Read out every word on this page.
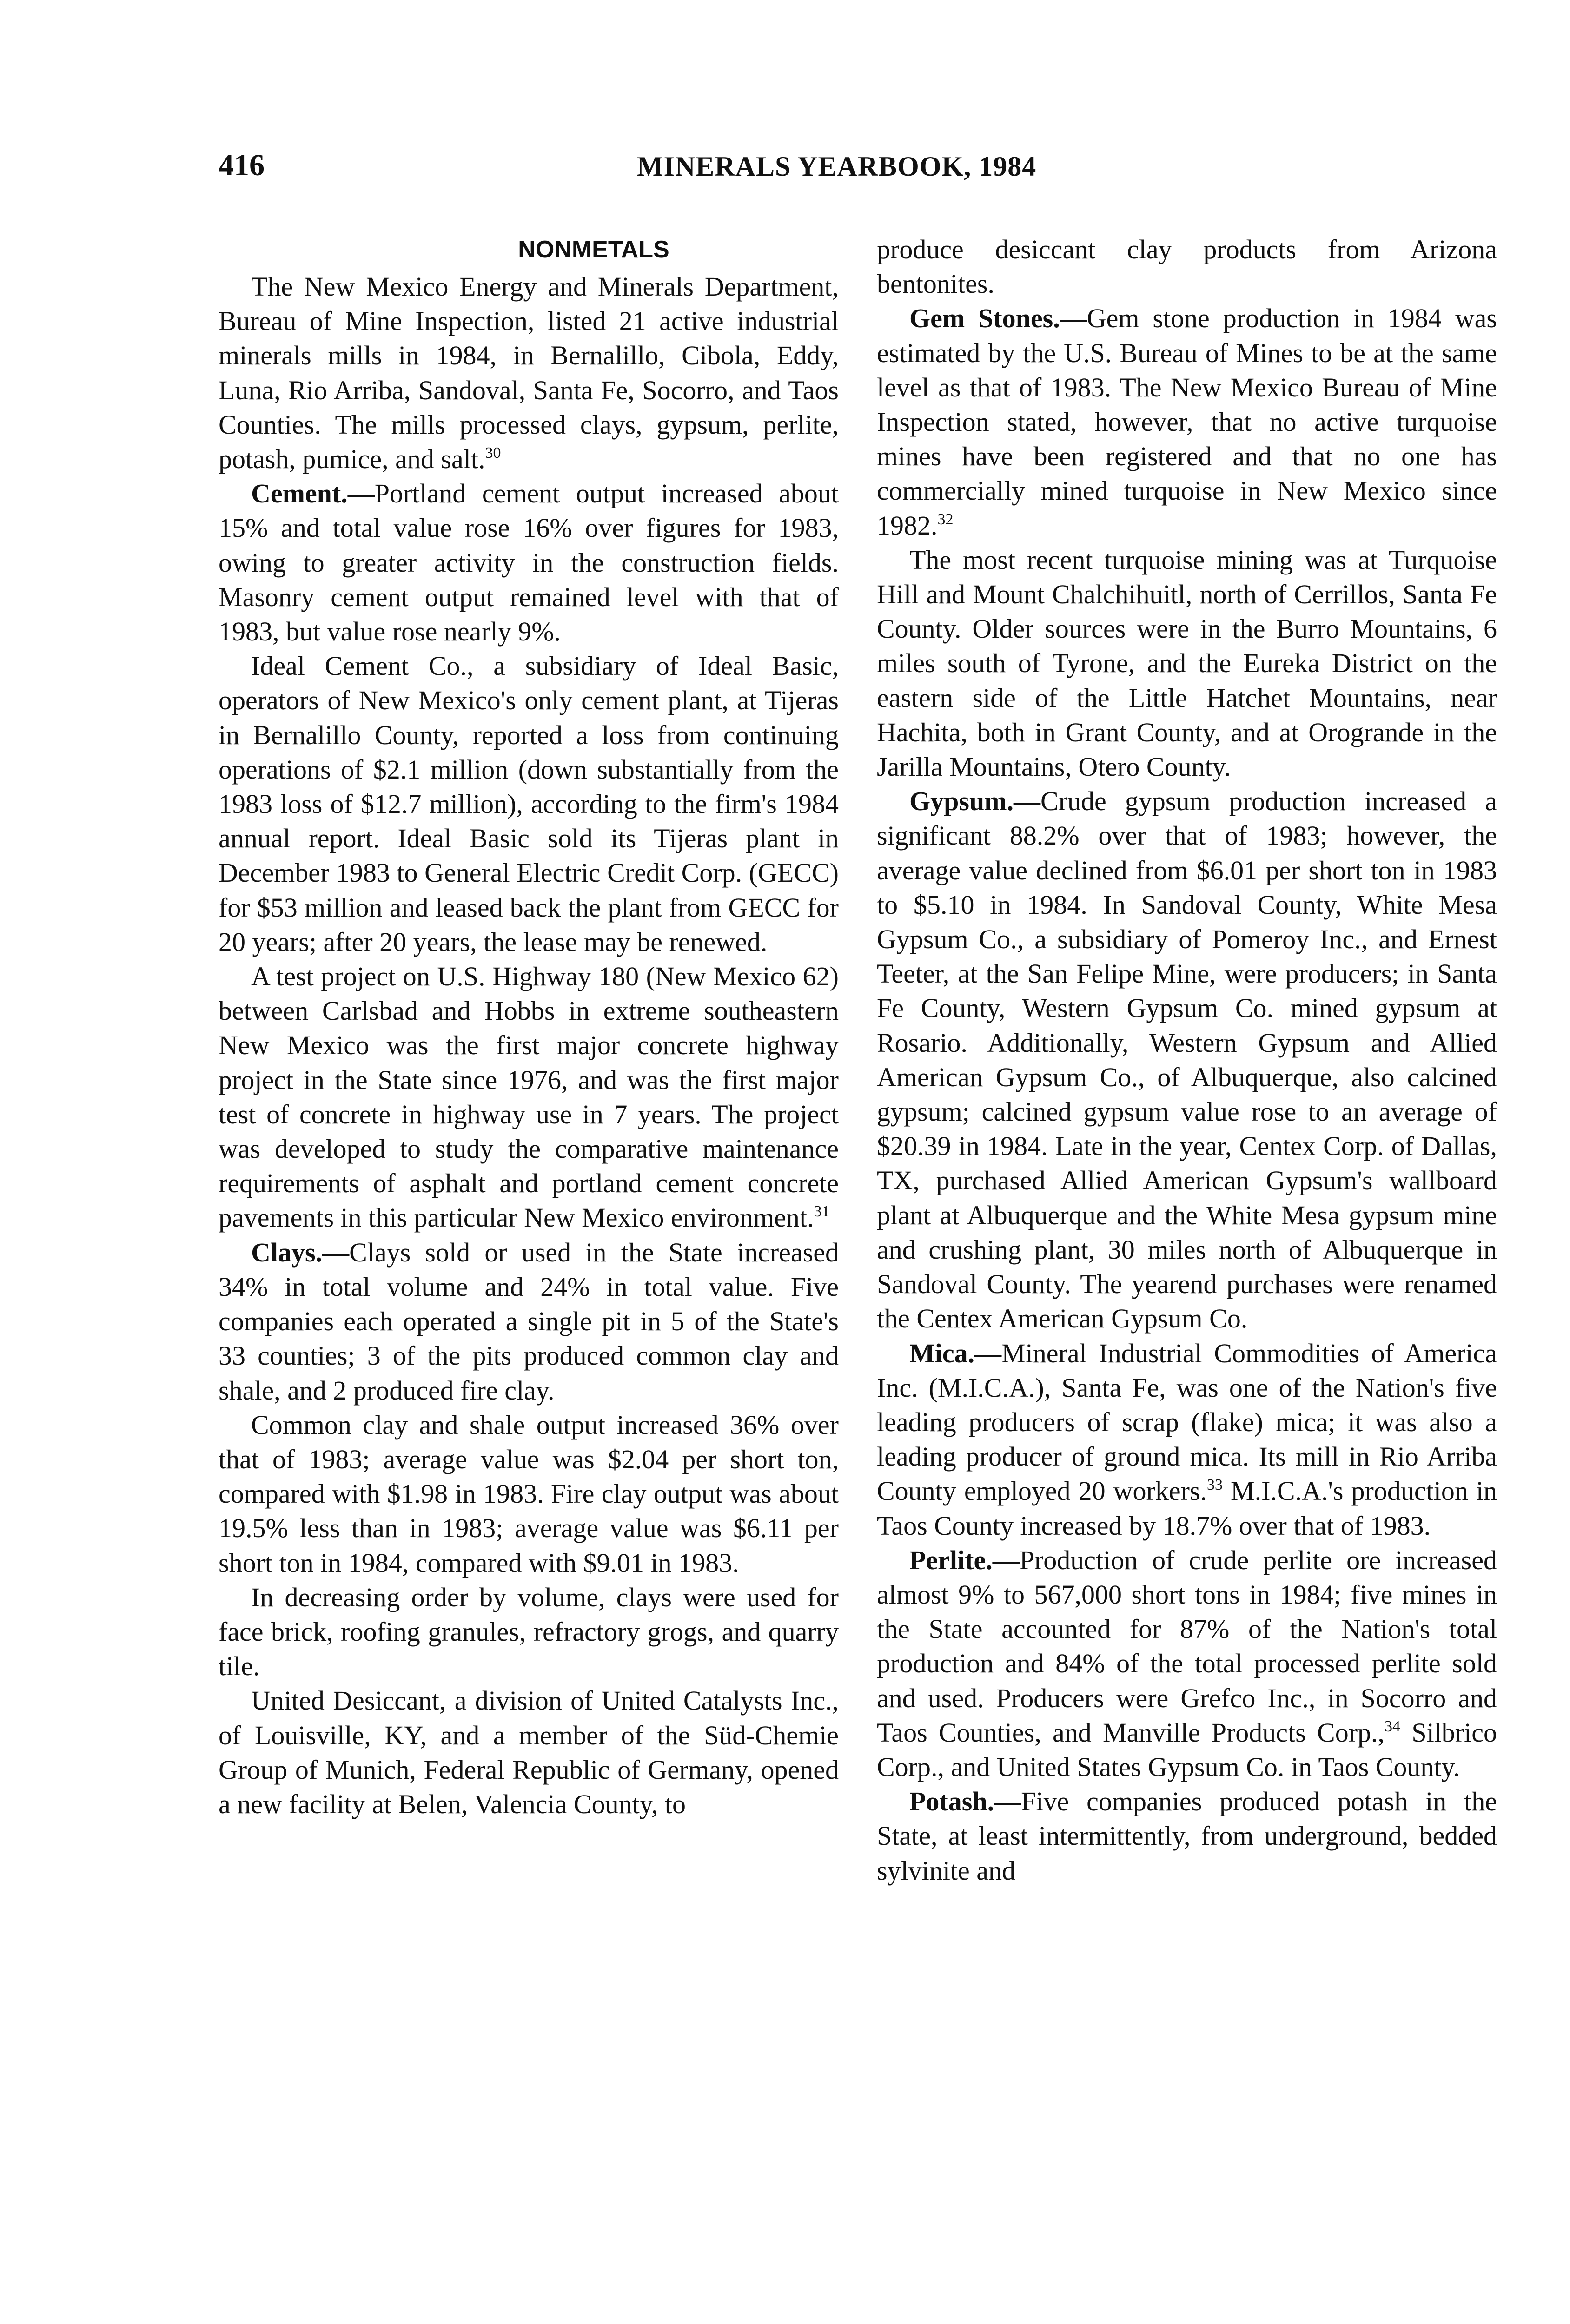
416	MINERALS YEARBOOK, 1984
NONMETALS

The New Mexico Energy and Minerals Department, Bureau of Mine Inspection, listed 21 active industrial minerals mills in 1984, in Bernalillo, Cibola, Eddy, Luna, Rio Arriba, Sandoval, Santa Fe, Socorro, and Taos Counties. The mills processed clays, gypsum, perlite, potash, pumice, and salt.$^{30}$

Cement.—Portland cement output increased about 15% and total value rose 16% over figures for 1983, owing to greater activity in the construction fields. Masonry cement output remained level with that of 1983, but value rose nearly 9%.

Ideal Cement Co., a subsidiary of Ideal Basic, operators of New Mexico's only cement plant, at Tijeras in Bernalillo County, reported a loss from continuing operations of $2.1 million (down substantially from the 1983 loss of $12.7 million), according to the firm's 1984 annual report. Ideal Basic sold its Tijeras plant in December 1983 to General Electric Credit Corp. (GECC) for $53 million and leased back the plant from GECC for 20 years; after 20 years, the lease may be renewed.

A test project on U.S. Highway 180 (New Mexico 62) between Carlsbad and Hobbs in extreme southeastern New Mexico was the first major concrete highway project in the State since 1976, and was the first major test of concrete in highway use in 7 years. The project was developed to study the comparative maintenance requirements of asphalt and portland cement concrete pavements in this particular New Mexico environment.$^{31}$

Clays.—Clays sold or used in the State increased 34% in total volume and 24% in total value. Five companies each operated a single pit in 5 of the State's 33 counties; 3 of the pits produced common clay and shale, and 2 produced fire clay.

Common clay and shale output increased 36% over that of 1983; average value was $2.04 per short ton, compared with $1.98 in 1983. Fire clay output was about 19.5% less than in 1983; average value was $6.11 per short ton in 1984, compared with $9.01 in 1983.

In decreasing order by volume, clays were used for face brick, roofing granules, refractory grogs, and quarry tile.

United Desiccant, a division of United Catalysts Inc., of Louisville, KY, and a member of the Süd-Chemie Group of Munich, Federal Republic of Germany, opened a new facility at Belen, Valencia County, to

produce desiccant clay products from Arizona bentonites.

Gem Stones.—Gem stone production in 1984 was estimated by the U.S. Bureau of Mines to be at the same level as that of 1983. The New Mexico Bureau of Mine Inspection stated, however, that no active turquoise mines have been registered and that no one has commercially mined turquoise in New Mexico since 1982.32

The most recent turquoise mining was at Turquoise Hill and Mount Chalchihuitl, north of Cerrillos, Santa Fe County. Older sources were in the Burro Mountains, 6 miles south of Tyrone, and the Eureka District on the eastern side of the Little Hatchet Mountains, near Hachita, both in Grant County, and at Orogrande in the Jarilla Mountains, Otero County.

Gypsum.—Crude gypsum production increased a significant 88.2% over that of 1983; however, the average value declined from $6.01 per short ton in 1983 to $5.10 in 1984. In Sandoval County, White Mesa Gypsum Co., a subsidiary of Pomeroy Inc., and Ernest Teeter, at the San Felipe Mine, were producers; in Santa Fe County, Western Gypsum Co. mined gypsum at Rosario. Additionally, Western Gypsum and Allied American Gypsum Co., of Albuquerque, also calcined gypsum; calcined gypsum value rose to an average of $20.39 in 1984. Late in the year, Centex Corp. of Dallas, TX, purchased Allied American Gypsum's wallboard plant at Albuquerque and the White Mesa gypsum mine and crushing plant, 30 miles north of Albuquerque in Sandoval County. The yearend purchases were renamed the Centex American Gypsum Co.

Mica.—Mineral Industrial Commodities of America Inc. (M.I.C.A.), Santa Fe, was one of the Nation's five leading producers of scrap (flake) mica; it was also a leading producer of ground mica. Its mill in Rio Arriba County employed 20 workers.$^{33}$ M.I.C.A.'s production in Taos County increased by 18.7% over that of 1983.

Perlite.—Production of crude perlite ore increased almost 9% to 567,000 short tons in 1984; five mines in the State accounted for 87% of the Nation's total production and 84% of the total processed perlite sold and used. Producers were Grefco Inc., in Socorro and Taos Counties, and Manville Products Corp.,$^{34}$ Silbrico Corp., and United States Gypsum Co. in Taos County.

Potash.—Five companies produced potash in the State, at least intermittently, from underground, bedded sylvinite and
